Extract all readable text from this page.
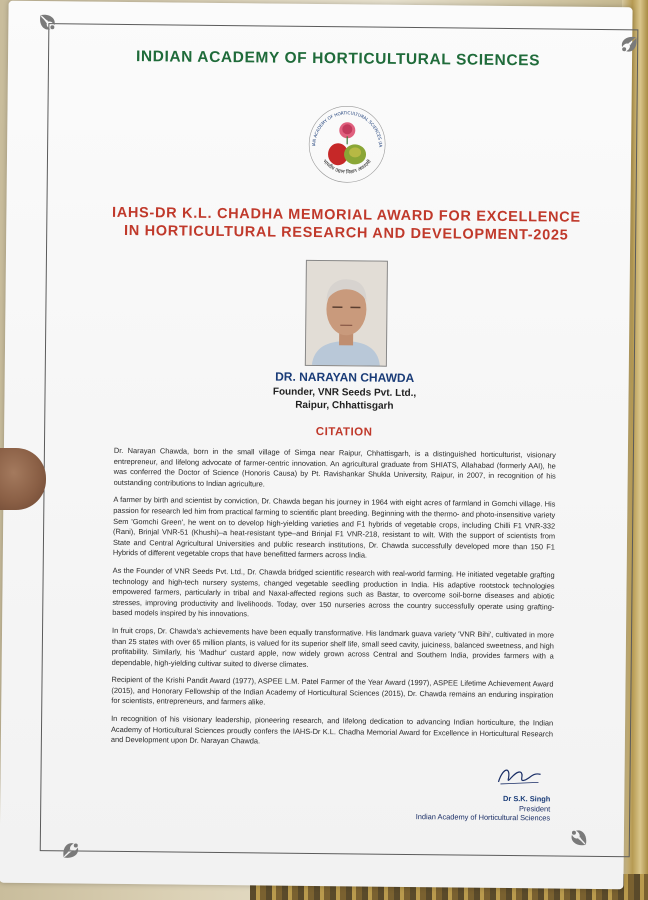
INDIAN ACADEMY OF HORTICULTURAL SCIENCES
INDIAN ACADEMY OF HORTICULTURAL SCIENCES (IAHS)
भारतीय उद्यान विज्ञान अकादमी
IAHS-DR K.L. CHADHA MEMORIAL AWARD FOR EXCELLENCE
IN HORTICULTURAL RESEARCH AND DEVELOPMENT-2025
DR. NARAYAN CHAWDA
Founder, VNR Seeds Pvt. Ltd.,
Raipur, Chhattisgarh
CITATION

Dr. Narayan Chawda, born in the small village of Simga near Raipur, Chhattisgarh, is a distinguished horticulturist, visionary entrepreneur, and lifelong advocate of farmer-centric innovation. An agricultural graduate from SHIATS, Allahabad (formerly AAI), he was conferred the Doctor of Science (Honoris Causa) by Pt. Ravishankar Shukla University, Raipur, in 2007, in recognition of his outstanding contributions to Indian agriculture.

A farmer by birth and scientist by conviction, Dr. Chawda began his journey in 1964 with eight acres of farmland in Gomchi village. His passion for research led him from practical farming to scientific plant breeding. Beginning with the thermo- and photo-insensitive variety Sem 'Gomchi Green', he went on to develop high-yielding varieties and F1 hybrids of vegetable crops, including Chilli F1 VNR-332 (Rani), Brinjal VNR-51 (Khushi)–a heat-resistant type–and Brinjal F1 VNR-218, resistant to wilt. With the support of scientists from State and Central Agricultural Universities and public research institutions, Dr. Chawda successfully developed more than 150 F1 Hybrids of different vegetable crops that have benefitted farmers across India.

As the Founder of VNR Seeds Pvt. Ltd., Dr. Chawda bridged scientific research with real-world farming. He initiated vegetable grafting technology and high-tech nursery systems, changed vegetable seedling production in India. His adaptive rootstock technologies empowered farmers, particularly in tribal and Naxal-affected regions such as Bastar, to overcome soil-borne diseases and abiotic stresses, improving productivity and livelihoods. Today, over 150 nurseries across the country successfully operate using grafting-based models inspired by his innovations.

In fruit crops, Dr. Chawda's achievements have been equally transformative. His landmark guava variety 'VNR Bihi', cultivated in more than 25 states with over 65 million plants, is valued for its superior shelf life, small seed cavity, juiciness, balanced sweetness, and high profitability. Similarly, his 'Madhur' custard apple, now widely grown across Central and Southern India, provides farmers with a dependable, high-yielding cultivar suited to diverse climates.

Recipient of the Krishi Pandit Award (1977), ASPEE L.M. Patel Farmer of the Year Award (1997), ASPEE Lifetime Achievement Award (2015), and Honorary Fellowship of the Indian Academy of Horticultural Sciences (2015), Dr. Chawda remains an enduring inspiration for scientists, entrepreneurs, and farmers alike.

In recognition of his visionary leadership, pioneering research, and lifelong dedication to advancing Indian horticulture, the Indian Academy of Horticultural Sciences proudly confers the IAHS-Dr K.L. Chadha Memorial Award for Excellence in Horticultural Research and Development upon Dr. Narayan Chawda.

Dr S.K. Singh
President
Indian Academy of Horticultural Sciences
